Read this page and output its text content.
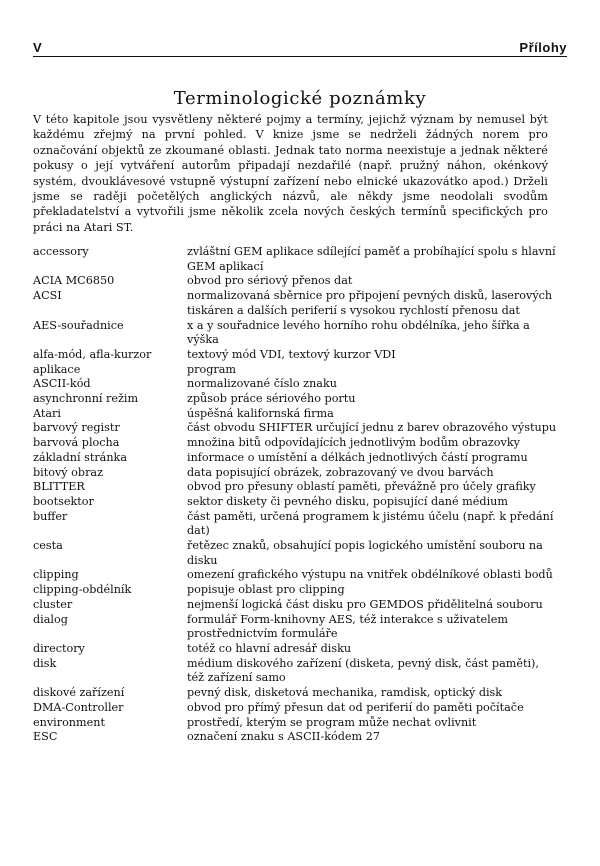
V	Přílohy
Terminologické poznámky
V této kapitole jsou vysvětleny některé pojmy a termíny, jejichž význam by nemusel být každému zřejmý na první pohled. V knize jsme se nedrželi žádných norem pro označování objektů ze zkoumané oblasti. Jednak tato norma neexistuje a jednak některé pokusy o její vytváření autorům připadají nezdařilé (např. pružný náhon, okénkový systém, dvouklávesové vstupně výstupní zařízení nebo elnické ukazovátko apod.) Drželi jsme se raději početělých anglických názvů, ale někdy jsme neodolali svodům překladatelství a vytvořili jsme několik zcela nových českých termínů specifických pro práci na Atari ST.
accessory	zvláštní GEM aplikace sdílející paměť a probíhající spolu s hlavní GEM aplikací
ACIA MC6850	obvod pro sériový přenos dat
ACSI	normalizovaná sběrnice pro připojení pevných disků, laserových tiskáren a dalších periferií s vysokou rychlostí přenosu dat
AES-souřadnice	x a y souřadnice levého horního rohu obdélníka, jeho šířka a výška
alfa-mód, afla-kurzor	textový mód VDI, textový kurzor VDI
aplikace	program
ASCII-kód	normalizované číslo znaku
asynchronní režim	způsob práce sériového portu
Atari	úspěšná kalifornská firma
barvový registr	část obvodu SHIFTER určující jednu z barev obrazového výstupu
barvová plocha	množina bitů odpovídajících jednotlivým bodům obrazovky
základní stránka	informace o umístění a délkách jednotlivých částí programu
bitový obraz	data popisující obrázek, zobrazovaný ve dvou barvách
BLITTER	obvod pro přesuny oblastí paměti, převážně pro účely grafiky
bootsektor	sektor diskety či pevného disku, popisující dané médium
buffer	část paměti, určená programem k jistému účelu (např. k předání dat)
cesta	řetězec znaků, obsahující popis logického umístění souboru na disku
clipping	omezení grafického výstupu na vnitřek obdélníkové oblasti bodů
clipping-obdélník	popisuje oblast pro clipping
cluster	nejmenší logická část disku pro GEMDOS přidělitelná souboru
dialog	formulář Form-knihovny AES, též interakce s uživatelem prostřednictvím formuláře
directory	totéž co hlavní adresář disku
disk	médium diskového zařízení (disketa, pevný disk, část paměti), též zařízení samo
diskové zařízení	pevný disk, disketová mechanika, ramdisk, optický disk
DMA-Controller	obvod pro přímý přesun dat od periferií do paměti počítače
environment	prostředí, kterým se program může nechat ovlivnit
ESC	označení znaku s ASCII-kódem 27
